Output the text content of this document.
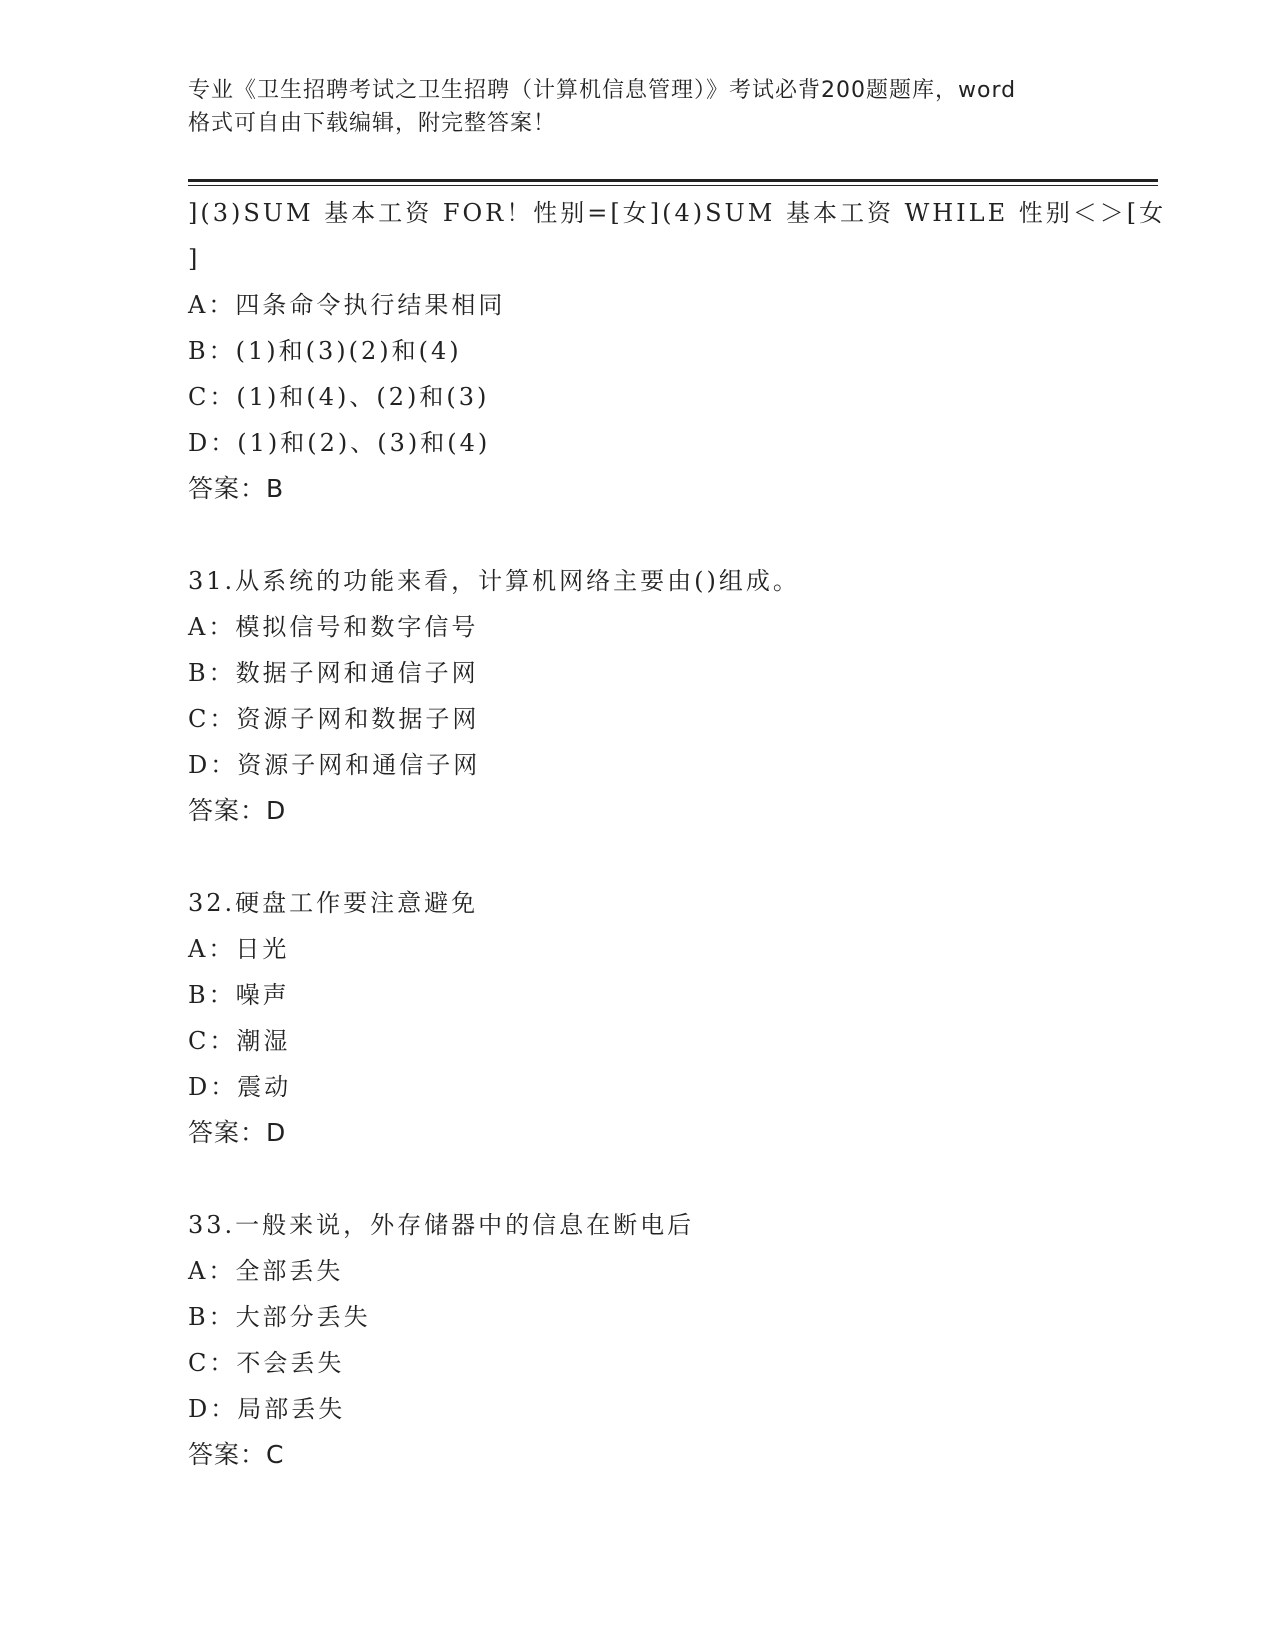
专业《卫生招聘考试之卫生招聘（计算机信息管理）》考试必背200题题库，word
格式可自由下载编辑，附完整答案！
](3)SUM 基本工资 FOR！性别=[女](4)SUM 基本工资 WHILE 性别＜＞[女
]
A：四条命令执行结果相同
B：(1)和(3)(2)和(4)
C：(1)和(4)、(2)和(3)
D：(1)和(2)、(3)和(4)
答案：B
31.从系统的功能来看，计算机网络主要由()组成。
A：模拟信号和数字信号
B：数据子网和通信子网
C：资源子网和数据子网
D：资源子网和通信子网
答案：D
32.硬盘工作要注意避免
A：日光
B：噪声
C：潮湿
D：震动
答案：D
33.一般来说，外存储器中的信息在断电后
A：全部丢失
B：大部分丢失
C：不会丢失
D：局部丢失
答案：C
